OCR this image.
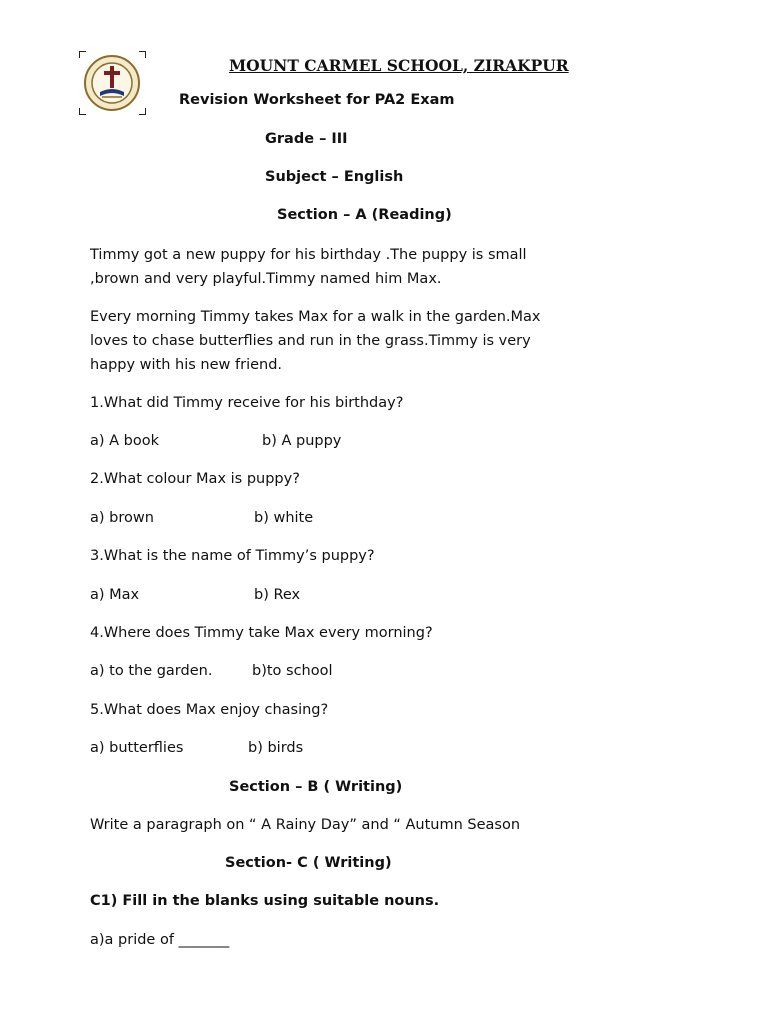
MOUNT CARMEL SCHOOL, ZIRAKPUR
Revision Worksheet for PA2 Exam
Grade – III
Subject – English
Section – A (Reading)
Timmy got a new puppy for his birthday .The puppy is small ,brown and very playful.Timmy named him Max.
Every morning Timmy takes Max for a walk in the garden.Max loves to chase butterflies and run in the grass.Timmy is very happy with his new friend.
1.What did Timmy receive for his birthday?
a) A book	b) A puppy
2.What colour Max is puppy?
a) brown	b) white
3.What is the name of Timmy’s puppy?
a) Max	b) Rex
4.Where does Timmy take Max every morning?
a) to the garden.	b)to school
5.What does Max enjoy chasing?
a) butterflies	b) birds
Section – B ( Writing)
Write a paragraph on “ A Rainy Day” and “ Autumn Season
Section- C ( Writing)
C1) Fill in the blanks using suitable nouns.
a)a pride of _______
